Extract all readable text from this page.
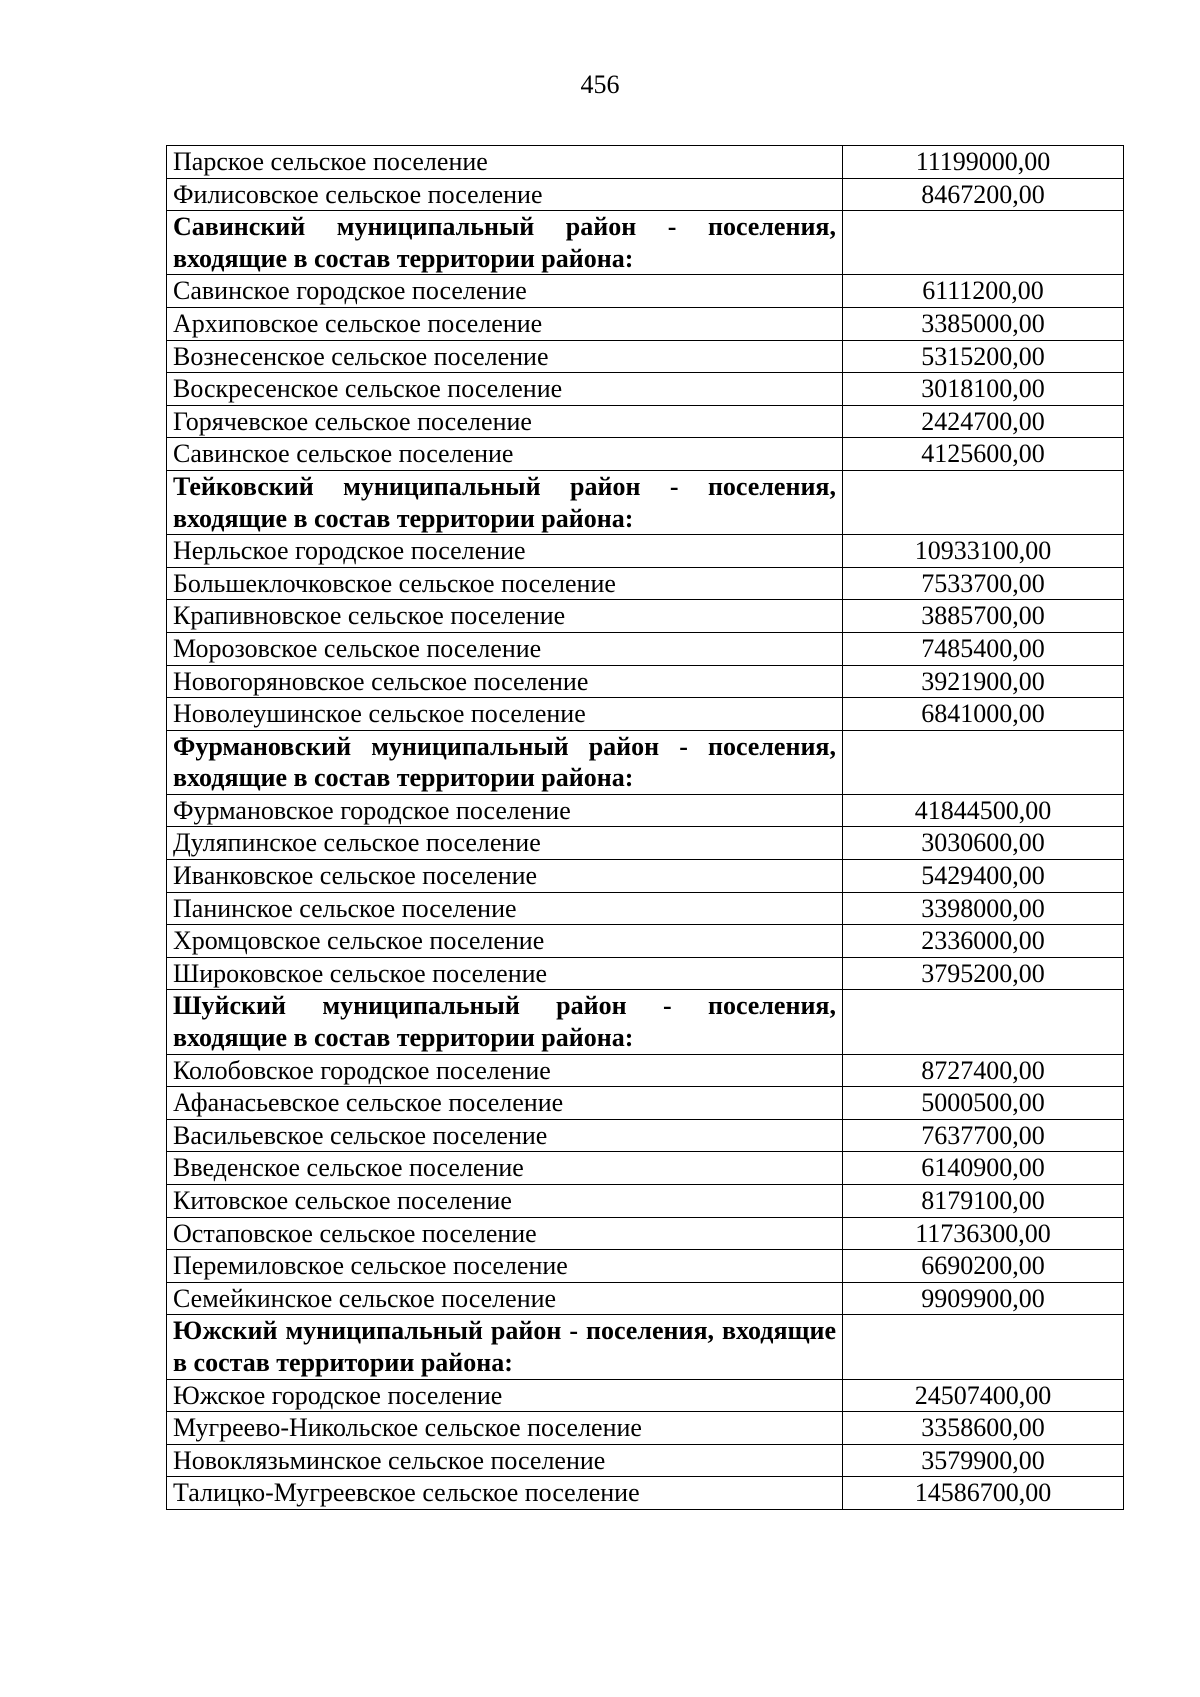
456
Парское сельское поселение	11199000,00
Филисовское сельское поселение	8467200,00
Савинский муниципальный район - поселения, входящие в состав территории района:	
Савинское городское поселение	6111200,00
Архиповское сельское поселение	3385000,00
Вознесенское сельское поселение	5315200,00
Воскресенское сельское поселение	3018100,00
Горячевское сельское поселение	2424700,00
Савинское сельское поселение	4125600,00
Тейковский муниципальный район - поселения, входящие в состав территории района:	
Нерльское городское поселение	10933100,00
Большеклочковское сельское поселение	7533700,00
Крапивновское сельское поселение	3885700,00
Морозовское сельское поселение	7485400,00
Новогоряновское сельское поселение	3921900,00
Новолеушинское сельское поселение	6841000,00
Фурмановский муниципальный район - поселения, входящие в состав территории района:	
Фурмановское городское поселение	41844500,00
Дуляпинское сельское поселение	3030600,00
Иванковское сельское поселение	5429400,00
Панинское сельское поселение	3398000,00
Хромцовское сельское поселение	2336000,00
Широковское сельское поселение	3795200,00
Шуйский муниципальный район - поселения, входящие в состав территории района:	
Колобовское городское поселение	8727400,00
Афанасьевское сельское поселение	5000500,00
Васильевское сельское поселение	7637700,00
Введенское сельское поселение	6140900,00
Китовское сельское поселение	8179100,00
Остаповское сельское поселение	11736300,00
Перемиловское сельское поселение	6690200,00
Семейкинское сельское поселение	9909900,00
Южский муниципальный район - поселения, входящие в состав территории района:	
Южское городское поселение	24507400,00
Мугреево-Никольское сельское поселение	3358600,00
Новоклязьминское сельское поселение	3579900,00
Талицко-Мугреевское сельское поселение	14586700,00
